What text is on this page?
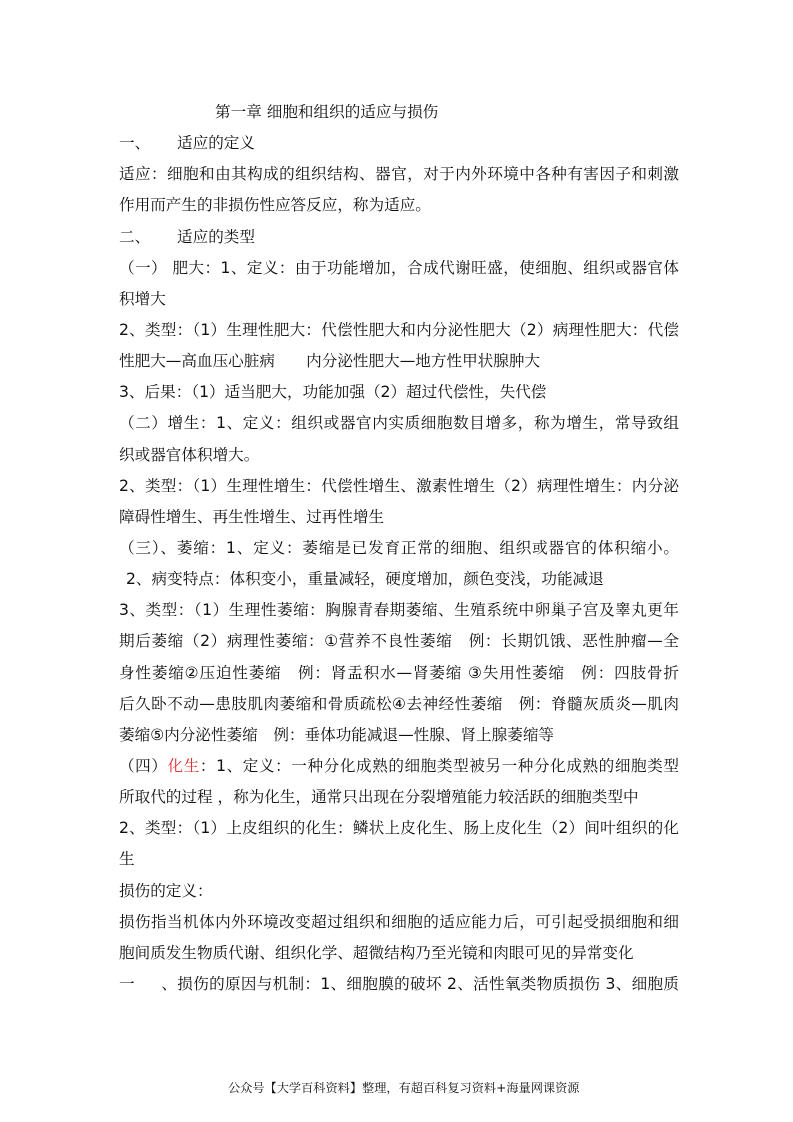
第一章 细胞和组织的适应与损伤
一、 适应的定义
适应：细胞和由其构成的组织结构、器官，对于内外环境中各种有害因子和刺激
作用而产生的非损伤性应答反应，称为适应。
二、 适应的类型
（一） 肥大：1、定义：由于功能增加，合成代谢旺盛，使细胞、组织或器官体
积增大
2、类型：（1）生理性肥大：代偿性肥大和内分泌性肥大（2）病理性肥大：代偿
性肥大—高血压心脏病　　内分泌性肥大—地方性甲状腺肿大
3、后果：（1）适当肥大，功能加强（2）超过代偿性，失代偿
（二）增生：1、定义：组织或器官内实质细胞数目增多，称为增生，常导致组
织或器官体积增大。
2、类型：（1）生理性增生：代偿性增生、激素性增生（2）病理性增生：内分泌
障碍性增生、再生性增生、过再性增生
（三）、萎缩：1、定义：萎缩是已发育正常的细胞、组织或器官的体积缩小。
2、病变特点：体积变小，重量减轻，硬度增加，颜色变浅，功能减退
3、类型：（1）生理性萎缩：胸腺青春期萎缩、生殖系统中卵巢子宫及睾丸更年
期后萎缩（2）病理性萎缩：①营养不良性萎缩　例：长期饥饿、恶性肿瘤—全
身性萎缩②压迫性萎缩　例：肾盂积水—肾萎缩 ③失用性萎缩　例：四肢骨折
后久卧不动—患肢肌肉萎缩和骨质疏松④去神经性萎缩　例：脊髓灰质炎—肌肉
萎缩⑤内分泌性萎缩　例：垂体功能减退—性腺、肾上腺萎缩等
（四）化生：1、定义：一种分化成熟的细胞类型被另一种分化成熟的细胞类型
所取代的过程 ，称为化生，通常只出现在分裂增殖能力较活跃的细胞类型中
2、类型：（1）上皮组织的化生：鳞状上皮化生、肠上皮化生（2）间叶组织的化
生
损伤的定义：
损伤指当机体内外环境改变超过组织和细胞的适应能力后，可引起受损细胞和细
胞间质发生物质代谢、组织化学、超微结构乃至光镜和肉眼可见的异常变化
一、损伤的原因与机制：1、细胞膜的破坏 2、活性氧类物质损伤 3、细胞质
公众号【大学百科资料】整理，有超百科复习资料+海量网课资源
